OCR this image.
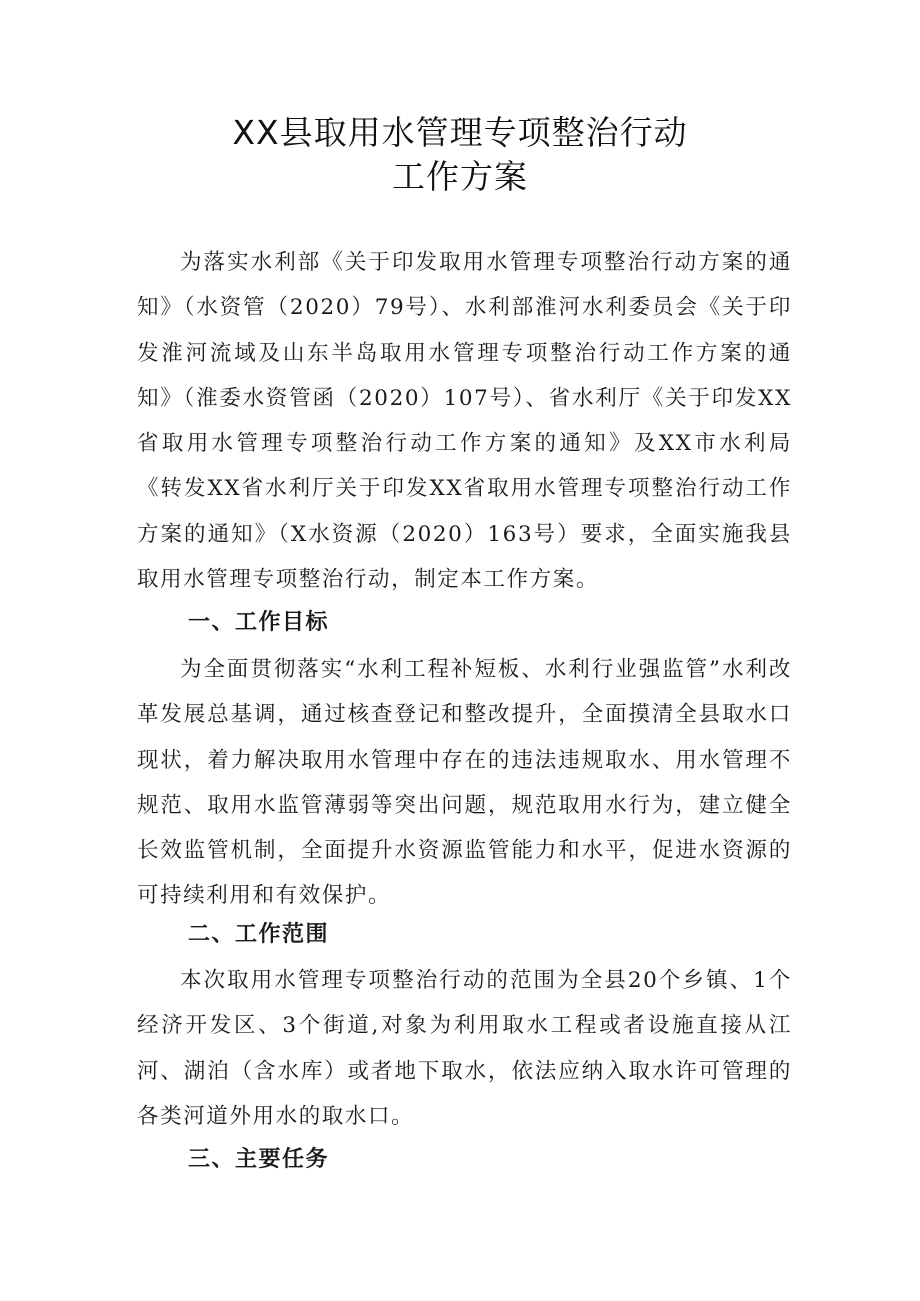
XX县取用水管理专项整治行动
工作方案

为落实水利部《关于印发取用水管理专项整治行动方案的通知》（水资管（2020）79号）、水利部淮河水利委员会《关于印发淮河流域及山东半岛取用水管理专项整治行动工作方案的通知》（淮委水资管函（2020）107号）、省水利厅《关于印发XX省取用水管理专项整治行动工作方案的通知》及XX市水利局《转发XX省水利厅关于印发XX省取用水管理专项整治行动工作方案的通知》（X水资源（2020）163号）要求，全面实施我县取用水管理专项整治行动，制定本工作方案。

一、工作目标

为全面贯彻落实“水利工程补短板、水利行业强监管”水利改革发展总基调，通过核查登记和整改提升，全面摸清全县取水口现状，着力解决取用水管理中存在的违法违规取水、用水管理不规范、取用水监管薄弱等突出问题，规范取用水行为，建立健全长效监管机制，全面提升水资源监管能力和水平，促进水资源的可持续利用和有效保护。

二、工作范围

本次取用水管理专项整治行动的范围为全县20个乡镇、1个经济开发区、3个街道,对象为利用取水工程或者设施直接从江河、湖泊（含水库）或者地下取水，依法应纳入取水许可管理的各类河道外用水的取水口。

三、主要任务
